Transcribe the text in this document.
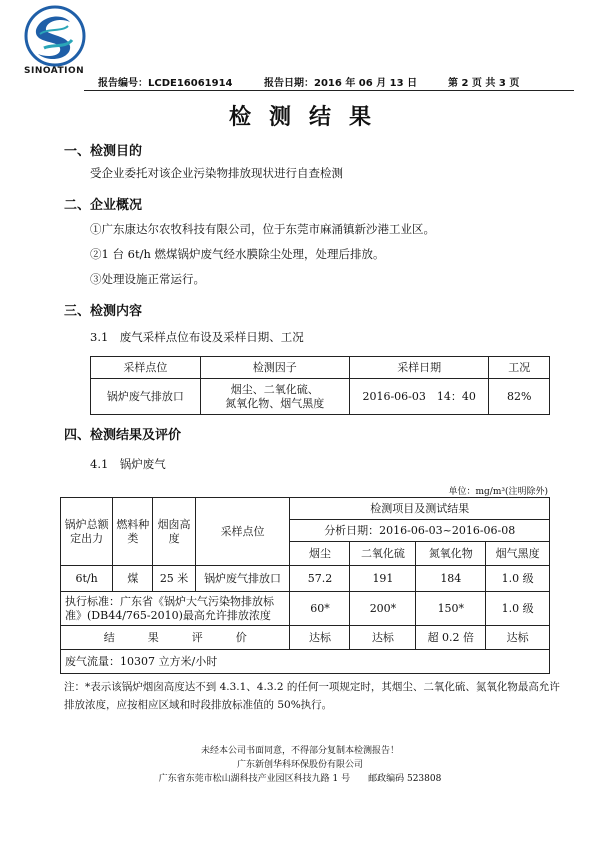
SINOATION
报告编号：LCDE16061914	报告日期：2016 年 06 月 13 日	第 2 页 共 3 页
检测结果
一、检测目的
受企业委托对该企业污染物排放现状进行自查检测
二、企业概况
①广东康达尔农牧科技有限公司，位于东莞市麻涌镇新沙港工业区。
②1 台 6t/h 燃煤锅炉废气经水膜除尘处理，处理后排放。
③处理设施正常运行。
三、检测内容
3.1　废气采样点位布设及采样日期、工况
采样点位	检测因子	采样日期	工况
锅炉废气排放口	烟尘、二氧化硫、
氮氧化物、烟气黑度	2016-06-03　14：40	82%
四、检测结果及评价
4.1　锅炉废气
单位：mg/m³(注明除外)
锅炉总额定出力	燃料种类	烟囱高度	采样点位	检测项目及测试结果			
				分析日期：2016-06-03~2016-06-08			
				烟尘	二氧化硫	氮氧化物	烟气黑度
6t/h	煤	25 米	锅炉废气排放口	57.2	191	184	1.0 级
执行标准：广东省《锅炉大气污染物排放标准》(DB44/765-2010)最高允许排放浓度				60*	200*	150*	1.0 级
结　　　果　　　评　　　价				达标	达标	超 0.2 倍	达标
废气流量：10307 立方米/小时							
注：*表示该锅炉烟囱高度达不到 4.3.1、4.3.2 的任何一项规定时，其烟尘、二氧化硫、氮氧化物最高允许排放浓度，应按相应区域和时段排放标准值的 50%执行。
未经本公司书面同意，不得部分复制本检测报告！
广东新创华科环保股份有限公司
广东省东莞市松山湖科技产业园区科技九路 1 号　　邮政编码 523808
